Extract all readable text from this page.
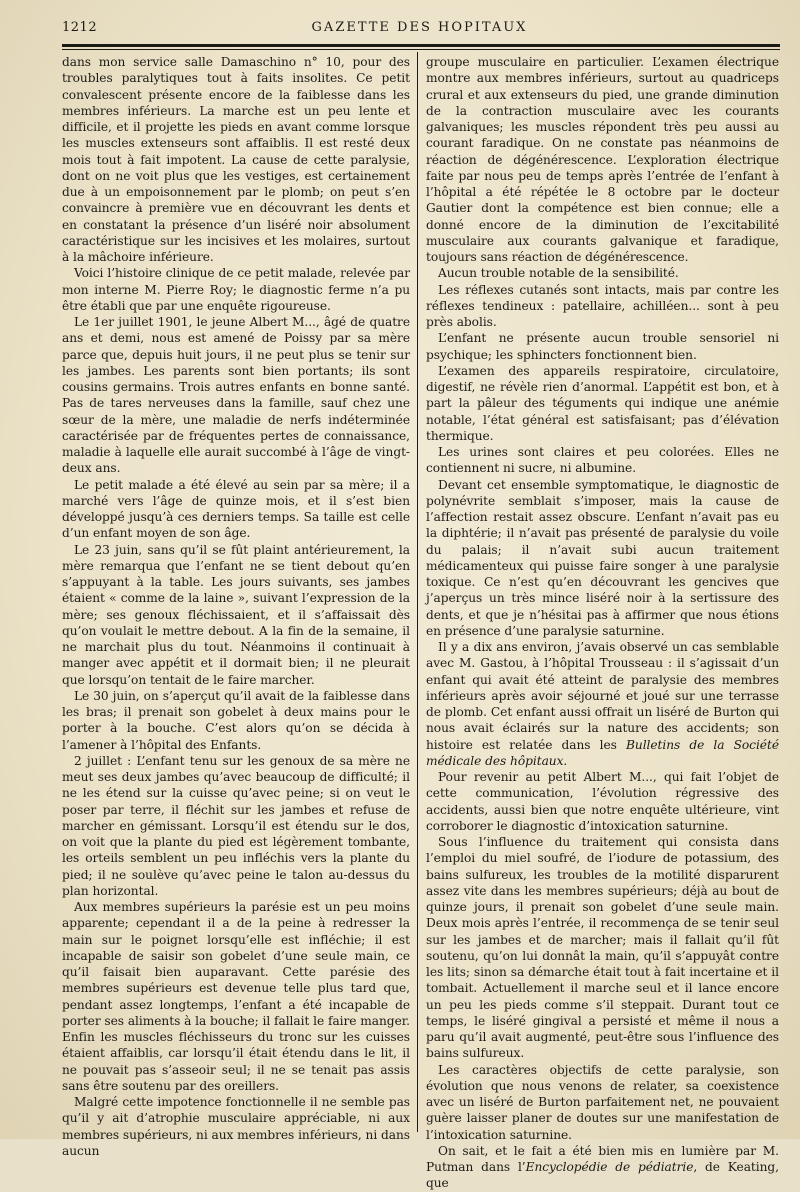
1212	GAZETTE DES HOPITAUX

dans mon service salle Damaschino n° 10, pour des troubles paralytiques tout à faits insolites. Ce petit convalescent présente encore de la faiblesse dans les membres inférieurs. La marche est un peu lente et difficile, et il projette les pieds en avant comme lorsque les muscles extenseurs sont affaiblis. Il est resté deux mois tout à fait impotent. La cause de cette paralysie, dont on ne voit plus que les vestiges, est certainement due à un empoisonnement par le plomb; on peut s’en convaincre à première vue en découvrant les dents et en constatant la présence d’un liséré noir absolument caractéristique sur les incisives et les molaires, surtout à la mâchoire inférieure.

Voici l’histoire clinique de ce petit malade, relevée par mon interne M. Pierre Roy; le diagnostic ferme n’a pu être établi que par une enquête rigoureuse.

Le 1er juillet 1901, le jeune Albert M..., âgé de quatre ans et demi, nous est amené de Poissy par sa mère parce que, depuis huit jours, il ne peut plus se tenir sur les jambes. Les parents sont bien portants; ils sont cousins germains. Trois autres enfants en bonne santé. Pas de tares nerveuses dans la famille, sauf chez une sœur de la mère, une maladie de nerfs indéterminée caractérisée par de fréquentes pertes de connaissance, maladie à laquelle elle aurait succombé à l’âge de vingt-deux ans.

Le petit malade a été élevé au sein par sa mère; il a marché vers l’âge de quinze mois, et il s’est bien développé jusqu’à ces derniers temps. Sa taille est celle d’un enfant moyen de son âge.

Le 23 juin, sans qu’il se fût plaint antérieurement, la mère remarqua que l’enfant ne se tient debout qu’en s’appuyant à la table. Les jours suivants, ses jambes étaient « comme de la laine », suivant l’expression de la mère; ses genoux fléchissaient, et il s’affaissait dès qu’on voulait le mettre debout. A la fin de la semaine, il ne marchait plus du tout. Néanmoins il continuait à manger avec appétit et il dormait bien; il ne pleurait que lorsqu’on tentait de le faire marcher.

Le 30 juin, on s’aperçut qu’il avait de la faiblesse dans les bras; il prenait son gobelet à deux mains pour le porter à la bouche. C’est alors qu’on se décida à l’amener à l’hôpital des Enfants.

2 juillet : L’enfant tenu sur les genoux de sa mère ne meut ses deux jambes qu’avec beaucoup de difficulté; il ne les étend sur la cuisse qu’avec peine; si on veut le poser par terre, il fléchit sur les jambes et refuse de marcher en gémissant. Lorsqu’il est étendu sur le dos, on voit que la plante du pied est légèrement tombante, les orteils semblent un peu infléchis vers la plante du pied; il ne soulève qu’avec peine le talon au-dessus du plan horizontal.

Aux membres supérieurs la parésie est un peu moins apparente; cependant il a de la peine à redresser la main sur le poignet lorsqu’elle est infléchie; il est incapable de saisir son gobelet d’une seule main, ce qu’il faisait bien auparavant. Cette parésie des membres supérieurs est devenue telle plus tard que, pendant assez longtemps, l’enfant a été incapable de porter ses aliments à la bouche; il fallait le faire manger. Enfin les muscles fléchisseurs du tronc sur les cuisses étaient affaiblis, car lorsqu’il était étendu dans le lit, il ne pouvait pas s’asseoir seul; il ne se tenait pas assis sans être soutenu par des oreillers.

Malgré cette impotence fonctionnelle il ne semble pas qu’il y ait d’atrophie musculaire appréciable, ni aux membres supérieurs, ni aux membres inférieurs, ni dans aucun

groupe musculaire en particulier. L’examen électrique montre aux membres inférieurs, surtout au quadriceps crural et aux extenseurs du pied, une grande diminution de la contraction musculaire avec les courants galvaniques; les muscles répondent très peu aussi au courant faradique. On ne constate pas néanmoins de réaction de dégénérescence. L’exploration électrique faite par nous peu de temps après l’entrée de l’enfant à l’hôpital a été répétée le 8 octobre par le docteur Gautier dont la compétence est bien connue; elle a donné encore de la diminution de l’excitabilité musculaire aux courants galvanique et faradique, toujours sans réaction de dégénérescence.

Aucun trouble notable de la sensibilité.

Les réflexes cutanés sont intacts, mais par contre les réflexes tendineux : patellaire, achilléen... sont à peu près abolis.

L’enfant ne présente aucun trouble sensoriel ni psychique; les sphincters fonctionnent bien.

L’examen des appareils respiratoire, circulatoire, digestif, ne révèle rien d’anormal. L’appétit est bon, et à part la pâleur des téguments qui indique une anémie notable, l’état général est satisfaisant; pas d’élévation thermique.

Les urines sont claires et peu colorées. Elles ne contiennent ni sucre, ni albumine.

Devant cet ensemble symptomatique, le diagnostic de polynévrite semblait s’imposer, mais la cause de l’affection restait assez obscure. L’enfant n’avait pas eu la diphtérie; il n’avait pas présenté de paralysie du voile du palais; il n’avait subi aucun traitement médicamenteux qui puisse faire songer à une paralysie toxique. Ce n’est qu’en découvrant les gencives que j’aperçus un très mince liséré noir à la sertissure des dents, et que je n’hésitai pas à affirmer que nous étions en présence d’une paralysie saturnine.

Il y a dix ans environ, j’avais observé un cas semblable avec M. Gastou, à l’hôpital Trousseau : il s’agissait d’un enfant qui avait été atteint de paralysie des membres inférieurs après avoir séjourné et joué sur une terrasse de plomb. Cet enfant aussi offrait un liséré de Burton qui nous avait éclairés sur la nature des accidents; son histoire est relatée dans les Bulletins de la Société médicale des hôpitaux.

Pour revenir au petit Albert M..., qui fait l’objet de cette communication, l’évolution régressive des accidents, aussi bien que notre enquête ultérieure, vint corroborer le diagnostic d’intoxication saturnine.

Sous l’influence du traitement qui consista dans l’emploi du miel soufré, de l’iodure de potassium, des bains sulfureux, les troubles de la motilité disparurent assez vite dans les membres supérieurs; déjà au bout de quinze jours, il prenait son gobelet d’une seule main. Deux mois après l’entrée, il recommença de se tenir seul sur les jambes et de marcher; mais il fallait qu’il fût soutenu, qu’on lui donnât la main, qu’il s’appuyât contre les lits; sinon sa démarche était tout à fait incertaine et il tombait. Actuellement il marche seul et il lance encore un peu les pieds comme s’il steppait. Durant tout ce temps, le liséré gingival a persisté et même il nous a paru qu’il avait augmenté, peut-être sous l’influence des bains sulfureux.

Les caractères objectifs de cette paralysie, son évolution que nous venons de relater, sa coexistence avec un liséré de Burton parfaitement net, ne pouvaient guère laisser planer de doutes sur une manifestation de l’intoxication saturnine.

On sait, et le fait a été bien mis en lumière par M. Putman dans l’Encyclopédie de pédiatrie, de Keating, que
